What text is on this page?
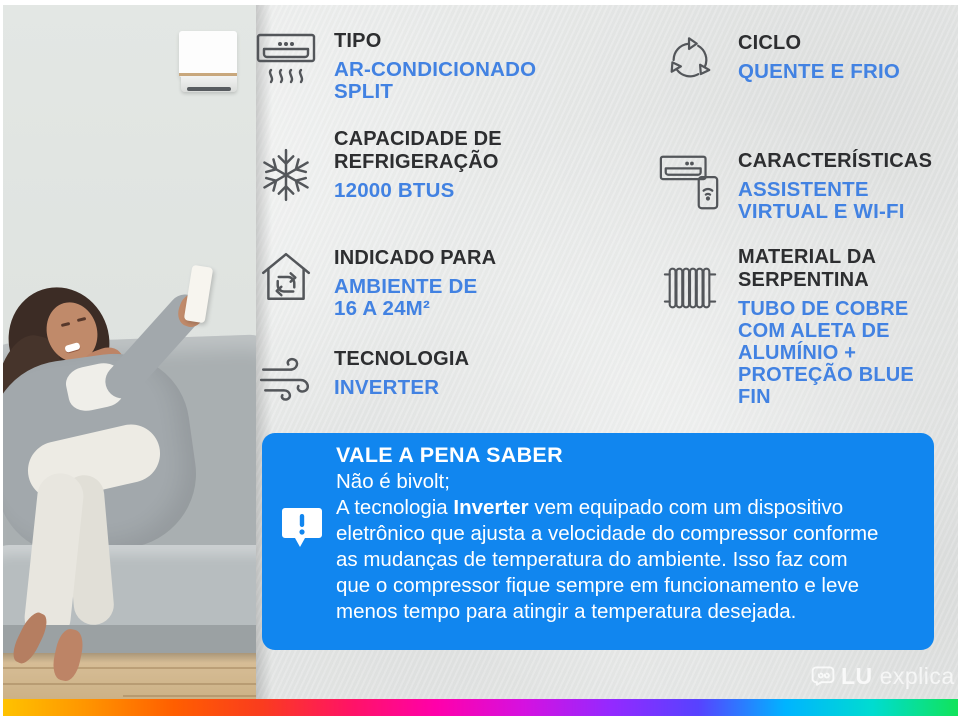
TIPO
AR-CONDICIONADO SPLIT
CAPACIDADE DE REFRIGERAÇÃO
12000 BTUS
INDICADO PARA
AMBIENTE DE 16 A 24M²
TECNOLOGIA
INVERTER
CICLO
QUENTE E FRIO
CARACTERÍSTICAS
ASSISTENTE VIRTUAL E WI-FI
MATERIAL DA SERPENTINA
TUBO DE COBRE COM ALETA DE ALUMÍNIO + PROTEÇÃO BLUE FIN
VALE A PENA SABER
Não é bivolt;
A tecnologia Inverter vem equipado com um dispositivo eletrônico que ajusta a velocidade do compressor conforme as mudanças de temperatura do ambiente. Isso faz com que o compressor fique sempre em funcionamento e leve menos tempo para atingir a temperatura desejada.
LU explica
